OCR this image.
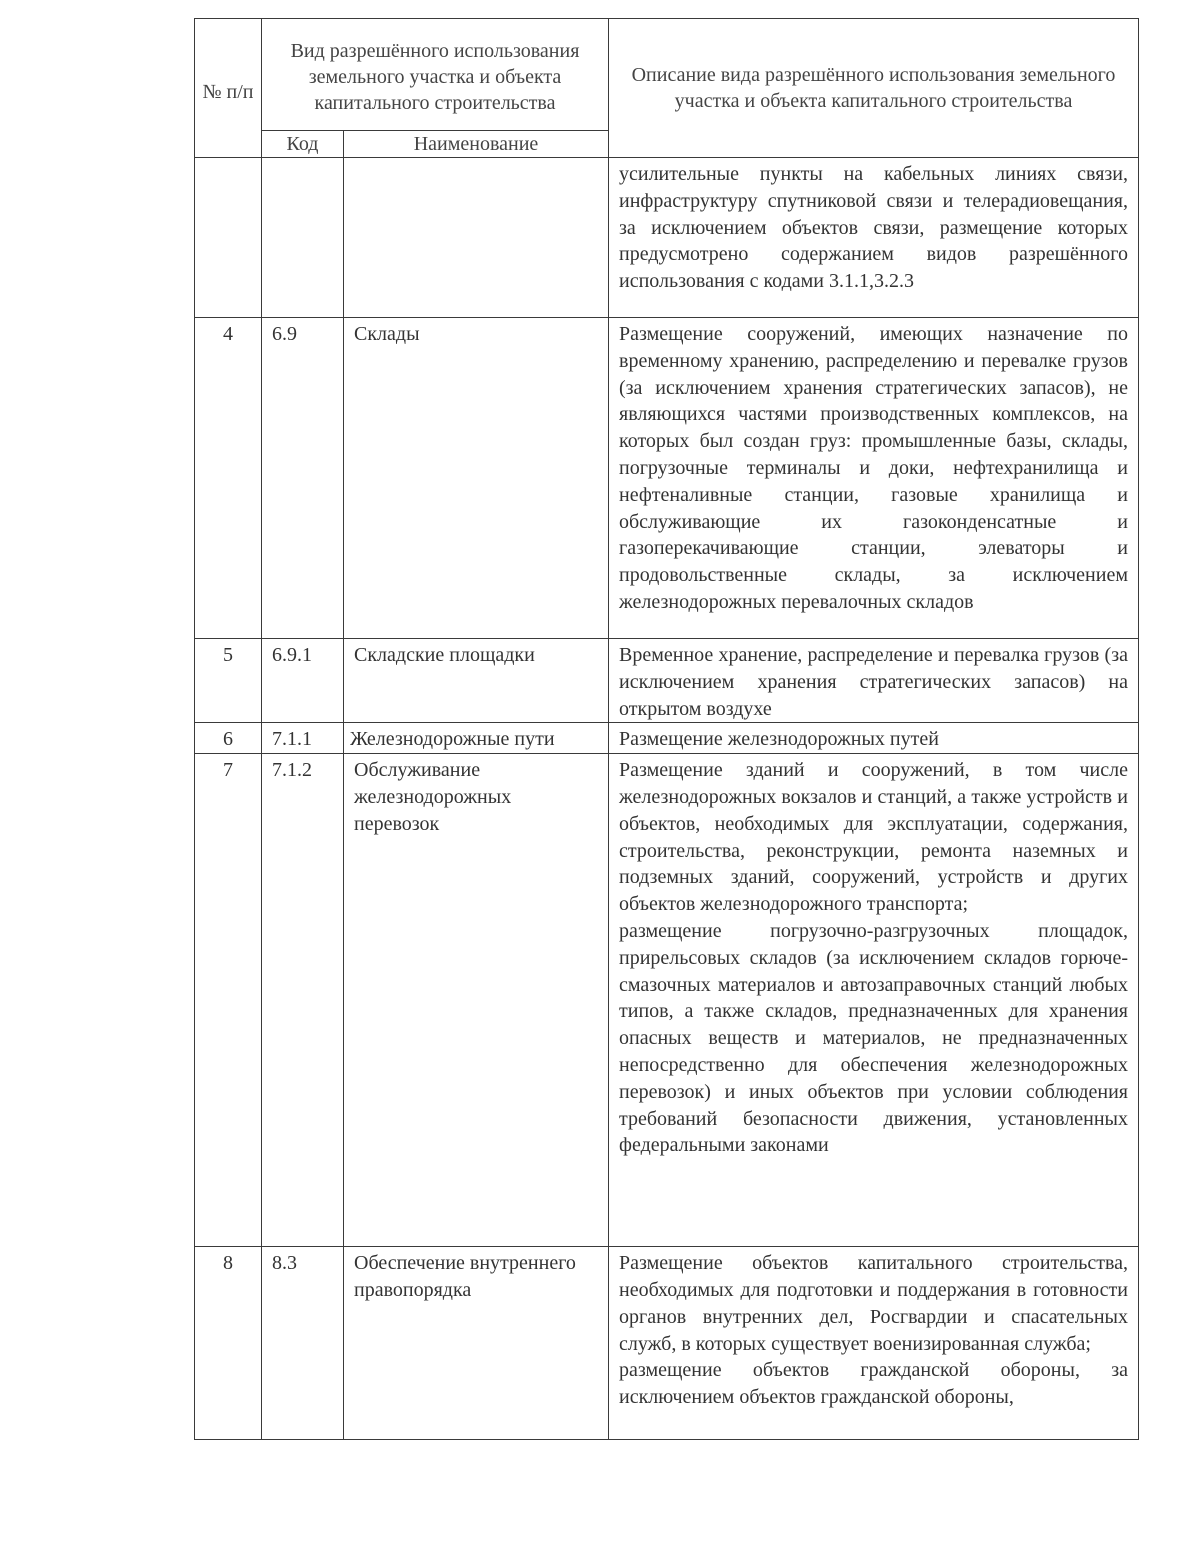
№ п/п	Вид разрешённого использования земельного участка и объекта капитального строительства		Описание вида разрешённого использования земельного участка и объекта капитального строительства
	Код	Наименование	

			усилительные пункты на кабельных линиях связи, инфраструктуру спутниковой связи и телерадиовещания, за исключением объектов связи, размещение которых предусмотрено содержанием видов разрешённого использования с кодами 3.1.1,3.2.3

4	6.9	Склады	Размещение сооружений, имеющих назначение по временному хранению, распределению и перевалке грузов (за исключением хранения стратегических запасов), не являющихся частями производственных комплексов, на которых был создан груз: промышленные базы, склады, погрузочные терминалы и доки, нефтехранилища и нефтеналивные станции, газовые хранилища и обслуживающие их газоконденсатные и газоперекачивающие станции, элеваторы и продовольственные склады, за исключением железнодорожных перевалочных складов

5	6.9.1	Складские площадки	Временное хранение, распределение и перевалка грузов (за исключением хранения стратегических запасов) на открытом воздухе

6	7.1.1	Железнодорожные пути	Размещение железнодорожных путей

7	7.1.2	Обслуживание железнодорожных перевозок	Размещение зданий и сооружений, в том числе железнодорожных вокзалов и станций, а также устройств и объектов, необходимых для эксплуатации, содержания, строительства, реконструкции, ремонта наземных и подземных зданий, сооружений, устройств и других объектов железнодорожного транспорта;
размещение погрузочно-разгрузочных площадок, прирельсовых складов (за исключением складов горюче-смазочных материалов и автозаправочных станций любых типов, а также складов, предназначенных для хранения опасных веществ и материалов, не предназначенных непосредственно для обеспечения железнодорожных перевозок) и иных объектов при условии соблюдения требований безопасности движения, установленных федеральными законами

8	8.3	Обеспечение внутреннего правопорядка	Размещение объектов капитального строительства, необходимых для подготовки и поддержания в готовности органов внутренних дел, Росгвардии и спасательных служб, в которых существует военизированная служба;
размещение объектов гражданской обороны, за исключением объектов гражданской обороны,
